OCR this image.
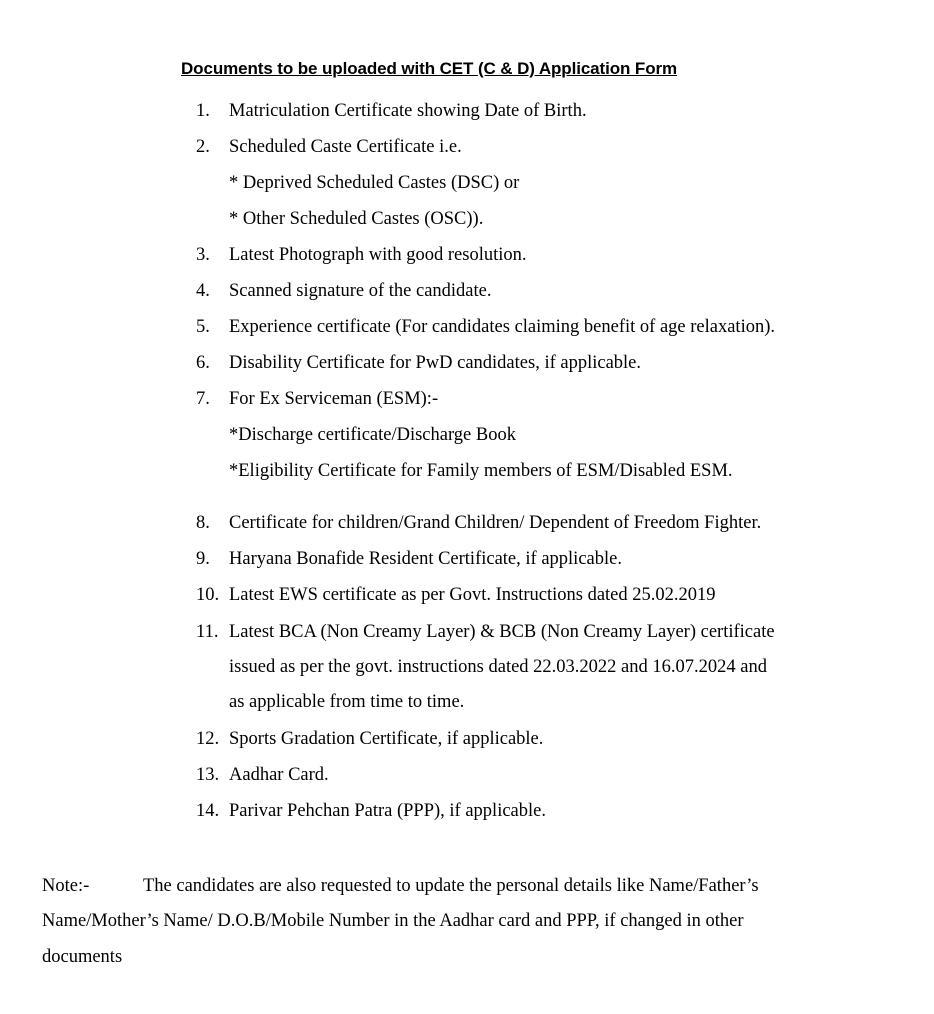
Documents to be uploaded with CET (C & D) Application Form
1. Matriculation Certificate showing Date of Birth.
2. Scheduled Caste Certificate i.e.
* Deprived Scheduled Castes (DSC) or
* Other Scheduled Castes (OSC)).
3. Latest Photograph with good resolution.
4. Scanned signature of the candidate.
5. Experience certificate (For candidates claiming benefit of age relaxation).
6. Disability Certificate for PwD candidates, if applicable.
7. For Ex Serviceman (ESM):-
*Discharge certificate/Discharge Book
*Eligibility Certificate for Family members of ESM/Disabled ESM.
8. Certificate for children/Grand Children/ Dependent of Freedom Fighter.
9. Haryana Bonafide Resident Certificate, if applicable.
10. Latest EWS certificate as per Govt. Instructions dated 25.02.2019
11. Latest BCA (Non Creamy Layer) & BCB (Non Creamy Layer) certificate
issued as per the govt. instructions dated 22.03.2022 and 16.07.2024 and
as applicable from time to time.
12. Sports Gradation Certificate, if applicable.
13. Aadhar Card.
14. Parivar Pehchan Patra (PPP), if applicable.
Note:-	The candidates are also requested to update the personal details like Name/Father’s
Name/Mother’s Name/ D.O.B/Mobile Number in the Aadhar card and PPP, if changed in other
documents
